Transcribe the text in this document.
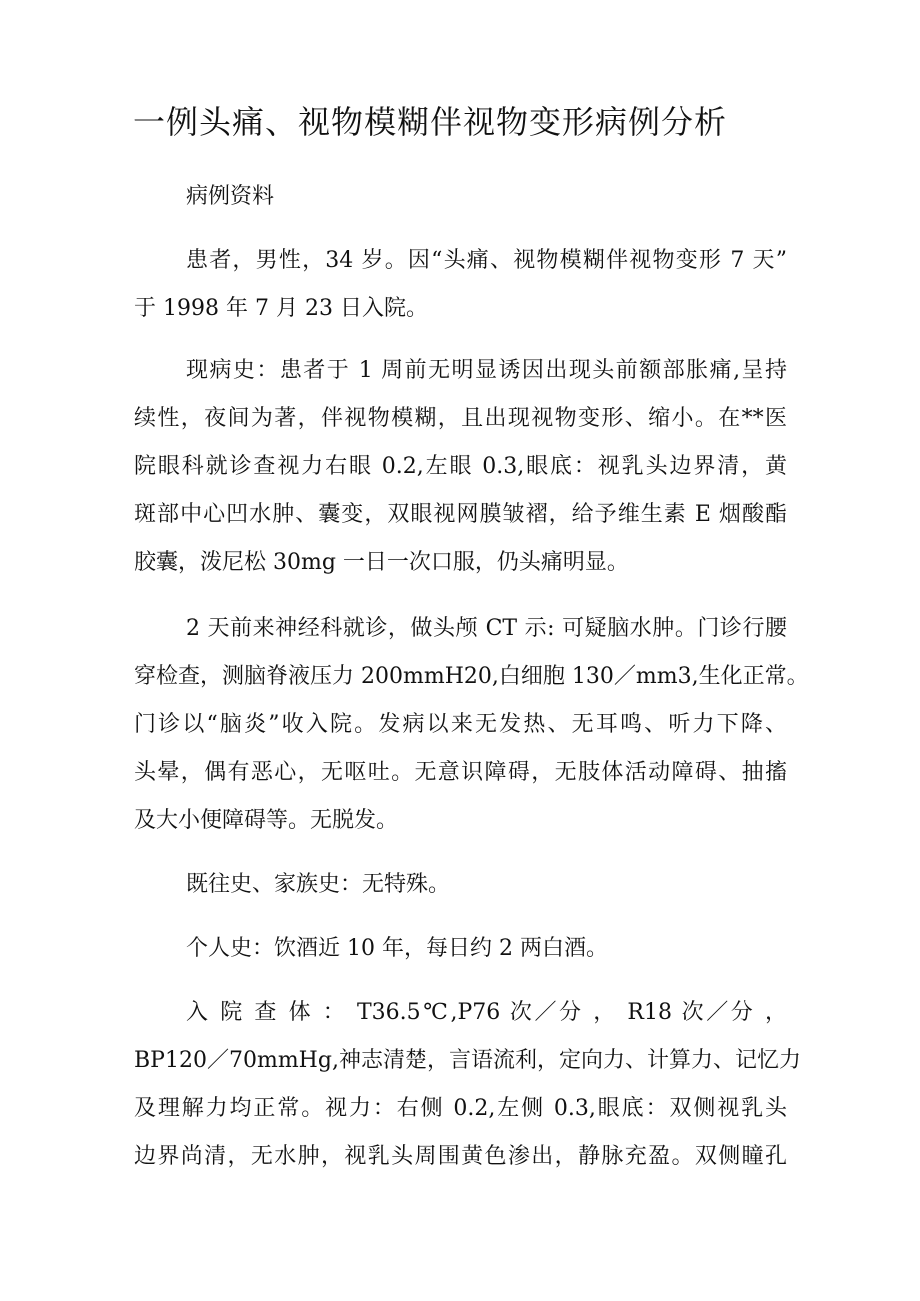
一例头痛、视物模糊伴视物变形病例分析

病例资料

患者，男性，34 岁。因“头痛、视物模糊伴视物变形 7 天”

于 1998 年 7 月 23 日入院。

现病史：患者于 1 周前无明显诱因出现头前额部胀痛,呈持

续性，夜间为著，伴视物模糊，且出现视物变形、缩小。在**医

院眼科就诊查视力右眼 0.2,左眼 0.3,眼底：视乳头边界清，黄

斑部中心凹水肿、囊变，双眼视网膜皱褶，给予维生素 E 烟酸酯

胶囊，泼尼松 30mg 一日一次口服，仍头痛明显。

2 天前来神经科就诊，做头颅 CT 示: 可疑脑水肿。门诊行腰

穿检查，测脑脊液压力 200mmH20,白细胞 130／mm3,生化正常。

门诊以“脑炎”收入院。发病以来无发热、无耳鸣、听力下降、

头晕，偶有恶心，无呕吐。无意识障碍，无肢体活动障碍、抽搐

及大小便障碍等。无脱发。

既往史、家族史：无特殊。

个人史：饮酒近 10 年，每日约 2 两白酒。

入 院 查 体 ： T36.5℃,P76 次／分 ， R18 次／分 ，

BP120／70mmHg,神志清楚，言语流利，定向力、计算力、记忆力

及理解力均正常。视力：右侧 0.2,左侧 0.3,眼底：双侧视乳头

边界尚清，无水肿，视乳头周围黄色渗出，静脉充盈。双侧瞳孔
